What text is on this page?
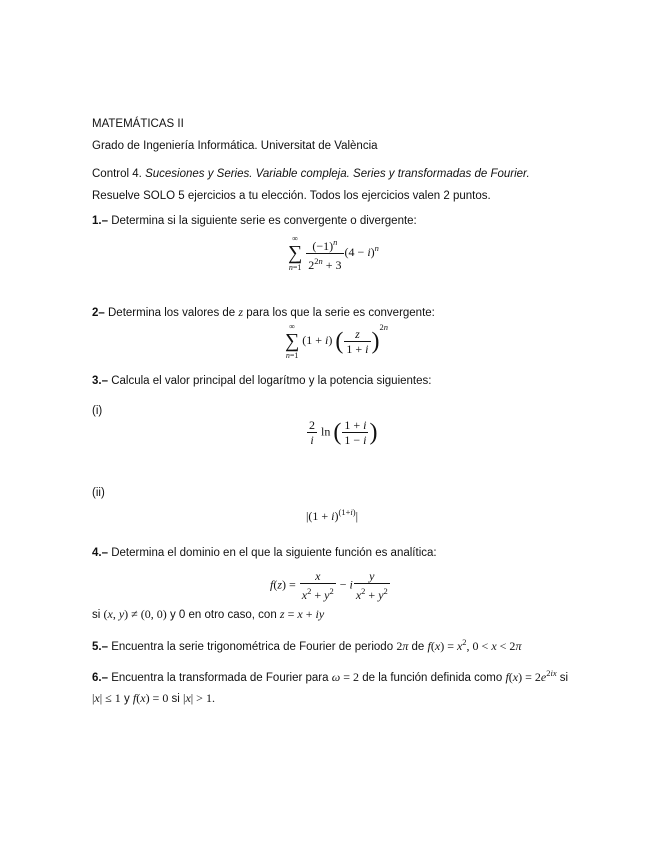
MATEMÁTICAS II
Grado de Ingeniería Informática. Universitat de València
Control 4. Sucesiones y Series. Variable compleja. Series y transformadas de Fourier.
Resuelve SOLO 5 ejercicios a tu elección. Todos los ejercicios valen 2 puntos.
1.– Determina si la siguiente serie es convergente o divergente:
∞
∑
n=1
$\frac{(-1)^n}{2^{2n} + 3} (4 - i)^n$
2– Determina los valores de z para los que la serie es convergente:
∞
∑
n=1
(1 + i) ( $\frac{z}{1 + i} )^{2n}$
3.– Calcula el valor principal del logarítmo y la potencia siguientes:
(i)
$\frac{2}{i}$ ln ( $\frac{1 + i}{1 - i}$ )
(ii)
$|(1 + i)^{(1+i)}|$
4.– Determina el dominio en el que la siguiente función es analítica:
$f(z) = \frac{x}{x^2 + y^2} - i \frac{y}{x^2 + y^2}$
si (x, y) ≠ (0, 0) y 0 en otro caso, con z = x + iy
5.– Encuentra la serie trigonométrica de Fourier de periodo 2π de $f(x) = x^2$, 0 < x < 2π
6.– Encuentra la transformada de Fourier para ω = 2 de la función definida como $f(x) = 2e^{2ix}$ si
|x| ≤ 1 y f(x) = 0 si |x| > 1.
